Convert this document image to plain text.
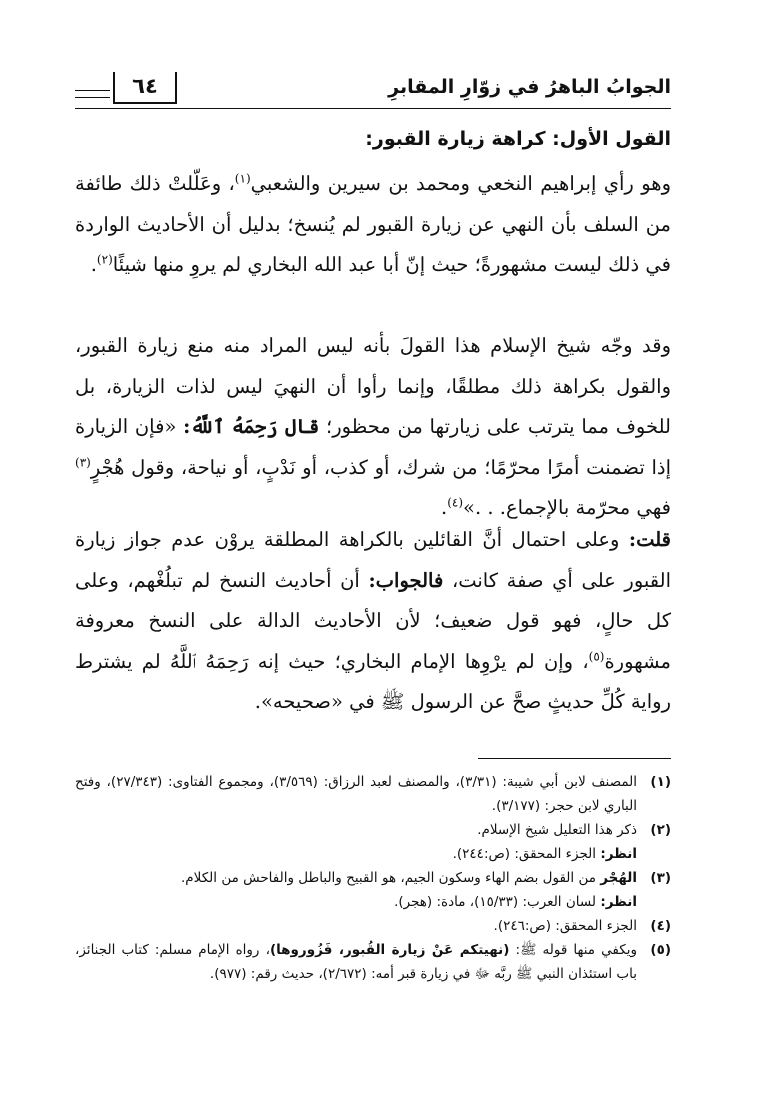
الجوابُ الباهرُ في زوّارِ المقابرِ
٦٤
القول الأول: كراهة زيارة القبور:

وهو رأي إبراهيم النخعي ومحمد بن سيرين والشعبي$^{(١)}$، وعَلّلتْ ذلك طائفة من السلف بأن النهي عن زيارة القبور لم يُنسخ؛ بدليل أن الأحاديث الواردة في ذلك ليست مشهورةً؛ حيث إنّ أبا عبد الله البخاري لم يروِ منها شيئًا$^{(٢)}$.

وقد وجّه شيخ الإسلام هذا القولَ بأنه ليس المراد منه منع زيارة القبور، والقول بكراهة ذلك مطلقًا، وإنما رأوا أن النهيَ ليس لذات الزيارة، بل للخوف مما يترتب على زيارتها من محظور؛ قال رَحِمَهُ ٱللَّهُ: «فإن الزيارة إذا تضمنت أمرًا محرّمًا؛ من شرك، أو كذب، أو نَدْبٍ، أو نياحة، وقول هُجْرٍ$^{(٣)}$ فهي محرّمة بالإجماع. . .»$^{(٤)}$.

قلت: وعلى احتمال أنَّ القائلين بالكراهة المطلقة يروْن عدم جواز زيارة القبور على أي صفة كانت، فالجواب: أن أحاديث النسخ لم تبلُغْهم، وعلى كل حالٍ، فهو قول ضعيف؛ لأن الأحاديث الدالة على النسخ معروفة مشهورة$^{(٥)}$، وإن لم يرْوِها الإمام البخاري؛ حيث إنه رَحِمَهُ ٱللَّهُ لم يشترط رواية كُلِّ حديثٍ صحَّ عن الرسول ﷺ في «صحيحه».

(١)
المصنف لابن أبي شيبة: (٣/٣١)، والمصنف لعبد الرزاق: (٣/٥٦٩)، ومجموع الفتاوى: (٢٧/٣٤٣)، وفتح الباري لابن حجر: (٣/١٧٧).
(٢)
ذكر هذا التعليل شيخ الإسلام.
انظر: الجزء المحقق: (ص:٢٤٤).
(٣)
الهُجْر من القول بضم الهاء وسكون الجيم، هو القبيح والباطل والفاحش من الكلام.
انظر: لسان العرب: (١٥/٣٣)، مادة: (هجر).
(٤)
الجزء المحقق: (ص:٢٤٦).
(٥)
ويكفي منها قوله ﷺ: (نهيتكم عَنْ زيارة القُبور، فَزُوروها)، رواه الإمام مسلم: كتاب الجنائز، باب استئذان النبي ﷺ ربَّه ﷻ في زيارة قبر أمه: (٢/٦٧٢)، حديث رقم: (٩٧٧).
